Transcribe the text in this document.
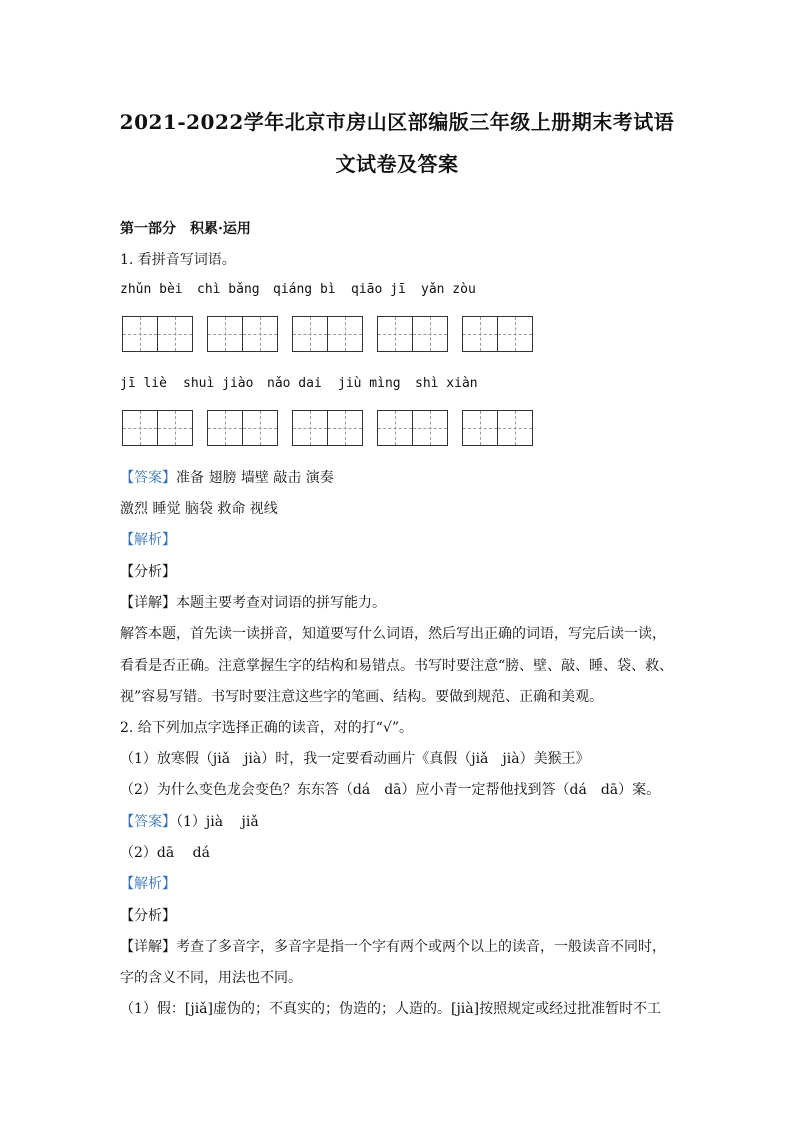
2021-2022学年北京市房山区部编版三年级上册期末考试语
文试卷及答案
第一部分　积累·运用
1. 看拼音写词语。
zhǔn bèi chì bǎng qiáng bì qiāo jī yǎn zòu
jī liè shuì jiào nǎo dai jiù mìng shì xiàn
【答案】准备 翅膀 墙壁 敲击 演奏
激烈 睡觉 脑袋 救命 视线
【解析】
【分析】
【详解】本题主要考查对词语的拼写能力。
解答本题，首先读一读拼音，知道要写什么词语，然后写出正确的词语，写完后读一读，
看看是否正确。注意掌握生字的结构和易错点。书写时要注意“膀、壁、敲、睡、袋、救、
视”容易写错。书写时要注意这些字的笔画、结构。要做到规范、正确和美观。
2. 给下列加点字选择正确的读音，对的打“√”。
（1）放寒假（jiǎ　jià）时，我一定要看动画片《真假（jiǎ　jià）美猴王》
（2）为什么变色龙会变色？东东答（dá　dā）应小青一定帮他找到答（dá　dā）案。
【答案】（1）jià　 jiǎ
（2）dā　 dá
【解析】
【分析】
【详解】考查了多音字，多音字是指一个字有两个或两个以上的读音，一般读音不同时，
字的含义不同，用法也不同。
（1）假：[jiǎ]虚伪的；不真实的；伪造的；人造的。[jià]按照规定或经过批准暂时不工
